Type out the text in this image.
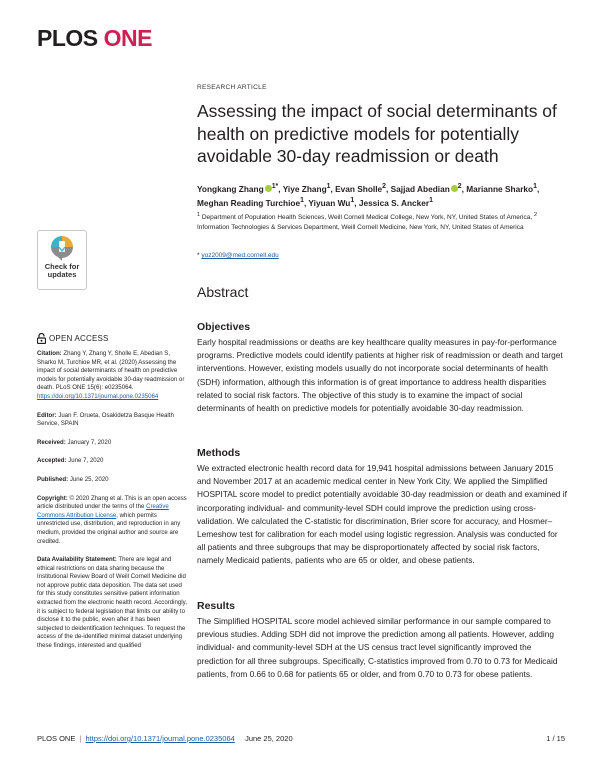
PLOS ONE
Check for
updates
OPEN ACCESS

Citation: Zhang Y, Zhang Y, Sholle E, Abedian S, Sharko M, Turchioe MR, et al. (2020) Assessing the impact of social determinants of health on predictive models for potentially avoidable 30-day readmission or death. PLoS ONE 15(6): e0235064. https://doi.org/10.1371/journal.pone.0235064

Editor: Juan F. Orueta, Osakidetza Basque Health Service, SPAIN

Received: January 7, 2020

Accepted: June 7, 2020

Published: June 25, 2020

Copyright: © 2020 Zhang et al. This is an open access article distributed under the terms of the Creative Commons Attribution License, which permits unrestricted use, distribution, and reproduction in any medium, provided the original author and source are credited.

Data Availability Statement: There are legal and ethical restrictions on data sharing because the Institutional Review Board of Weill Cornell Medicine did not approve public data deposition. The data set used for this study constitutes sensitive patient information extracted from the electronic health record. Accordingly, it is subject to federal legislation that limits our ability to disclose it to the public, even after it has been subjected to deidentification techniques. To request the access of the de-identified minimal dataset underlying these findings, interested and qualified

RESEARCH ARTICLE
Assessing the impact of social determinants of health on predictive models for potentially avoidable 30-day readmission or death
Yongkang Zhang $^{1*}$, Yiye Zhang$^1$, Evan Sholle$^2$, Sajjad Abedian $^2$, Marianne Sharko$^1$, Meghan Reading Turchioe$^1$, Yiyuan Wu$^1$, Jessica S. Ancker$^1$
$^1$ Department of Population Health Sciences, Weill Cornell Medical College, New York, NY, United States of America, $^2$ Information Technologies & Services Department, Weill Cornell Medicine, New York, NY, United States of America
* yoz2009@med.cornell.edu
Abstract
Objectives
Early hospital readmissions or deaths are key healthcare quality measures in pay-for-performance programs. Predictive models could identify patients at higher risk of readmission or death and target interventions. However, existing models usually do not incorporate social determinants of health (SDH) information, although this information is of great importance to address health disparities related to social risk factors. The objective of this study is to examine the impact of social determinants of health on predictive models for potentially avoidable 30-day readmission.
Methods
We extracted electronic health record data for 19,941 hospital admissions between January 2015 and November 2017 at an academic medical center in New York City. We applied the Simplified HOSPITAL score model to predict potentially avoidable 30-day readmission or death and examined if incorporating individual- and community-level SDH could improve the prediction using cross-validation. We calculated the C-statistic for discrimination, Brier score for accuracy, and Hosmer–Lemeshow test for calibration for each model using logistic regression. Analysis was conducted for all patients and three subgroups that may be disproportionately affected by social risk factors, namely Medicaid patients, patients who are 65 or older, and obese patients.
Results
The Simplified HOSPITAL score model achieved similar performance in our sample compared to previous studies. Adding SDH did not improve the prediction among all patients. However, adding individual- and community-level SDH at the US census tract level significantly improved the prediction for all three subgroups. Specifically, C-statistics improved from 0.70 to 0.73 for Medicaid patients, from 0.66 to 0.68 for patients 65 or older, and from 0.70 to 0.73 for obese patients.
PLOS ONE | https://doi.org/10.1371/journal.pone.0235064 June 25, 2020	1 / 15
